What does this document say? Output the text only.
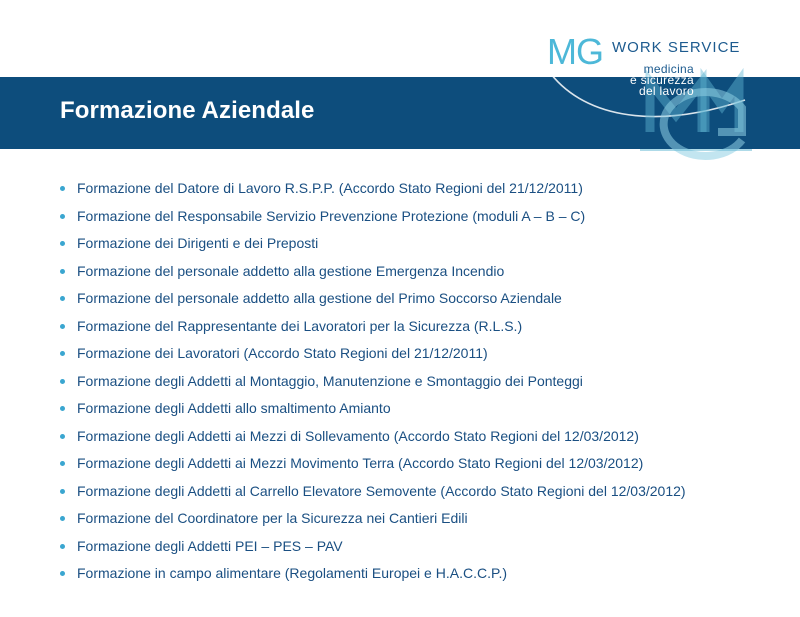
Formazione Aziendale
MG WORK SERVICE
medicina
e sicurezza
del lavoro
Formazione del Datore di Lavoro R.S.P.P. (Accordo Stato Regioni del 21/12/2011)
Formazione del Responsabile Servizio Prevenzione Protezione (moduli A – B – C)
Formazione dei Dirigenti e dei Preposti
Formazione del personale addetto alla gestione Emergenza Incendio
Formazione del personale addetto alla gestione del Primo Soccorso Aziendale
Formazione del Rappresentante dei Lavoratori per la Sicurezza (R.L.S.)
Formazione dei Lavoratori (Accordo Stato Regioni del 21/12/2011)
Formazione degli Addetti al Montaggio, Manutenzione e Smontaggio dei Ponteggi
Formazione degli Addetti allo smaltimento Amianto
Formazione degli Addetti ai Mezzi di Sollevamento (Accordo Stato Regioni del 12/03/2012)
Formazione degli Addetti ai Mezzi Movimento Terra (Accordo Stato Regioni del 12/03/2012)
Formazione degli Addetti al Carrello Elevatore Semovente (Accordo Stato Regioni del 12/03/2012)
Formazione del Coordinatore per la Sicurezza nei Cantieri Edili
Formazione degli Addetti PEI – PES – PAV
Formazione in campo alimentare (Regolamenti Europei e H.A.C.C.P.)
